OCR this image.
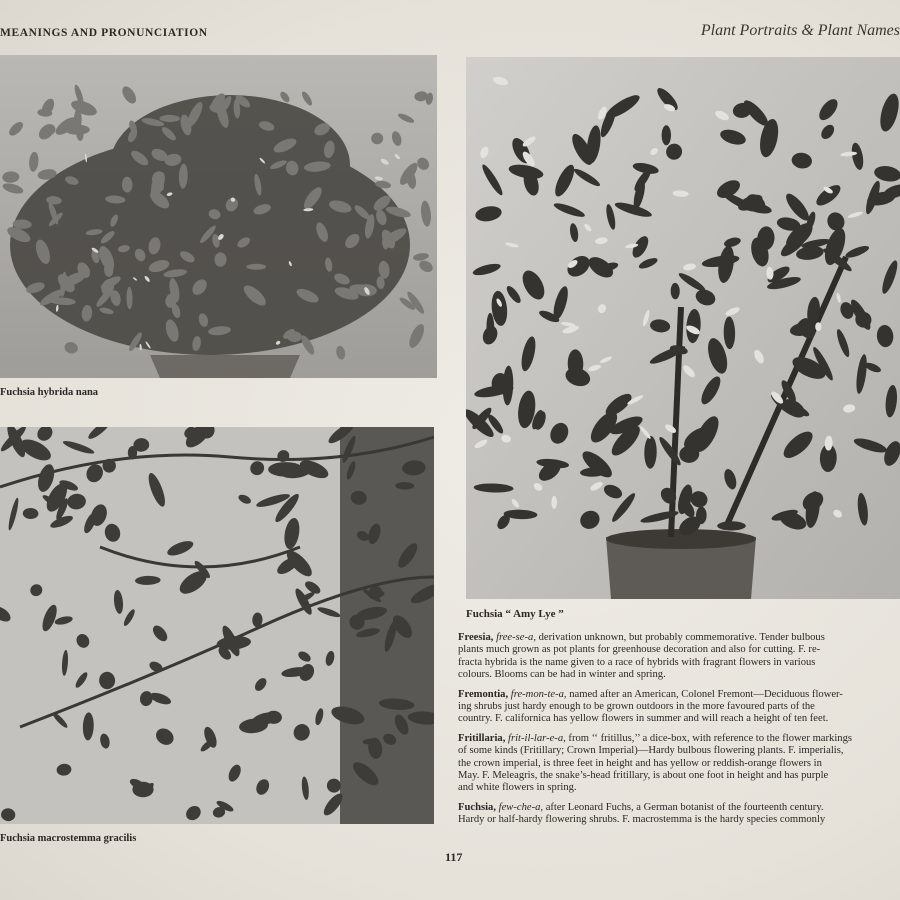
MEANINGS AND PRONUNCIATION	Plant Portraits & Plant Names
Fuchsia hybrida nana
Fuchsia macrostemma gracilis
Fuchsia “ Amy Lye ”
Freesia, free-se-a, derivation unknown, but probably commemorative. Tender bulbous
plants much grown as pot plants for greenhouse decoration and also for cutting. F. re-
fracta hybrida is the name given to a race of hybrids with fragrant flowers in various
colours. Blooms can be had in winter and spring.
Fremontia, fre-mon-te-a, named after an American, Colonel Fremont—Deciduous flower-
ing shrubs just hardy enough to be grown outdoors in the more favoured parts of the
country. F. californica has yellow flowers in summer and will reach a height of ten feet.
Fritillaria, frit-il-lar-e-a, from ‘‘ fritillus,’’ a dice-box, with reference to the flower markings
of some kinds (Fritillary; Crown Imperial)—Hardy bulbous flowering plants. F. imperialis,
the crown imperial, is three feet in height and has yellow or reddish-orange flowers in
May. F. Meleagris, the snake’s-head fritillary, is about one foot in height and has purple
and white flowers in spring.
Fuchsia, few-che-a, after Leonard Fuchs, a German botanist of the fourteenth century.
Hardy or half-hardy flowering shrubs. F. macrostemma is the hardy species commonly
117
